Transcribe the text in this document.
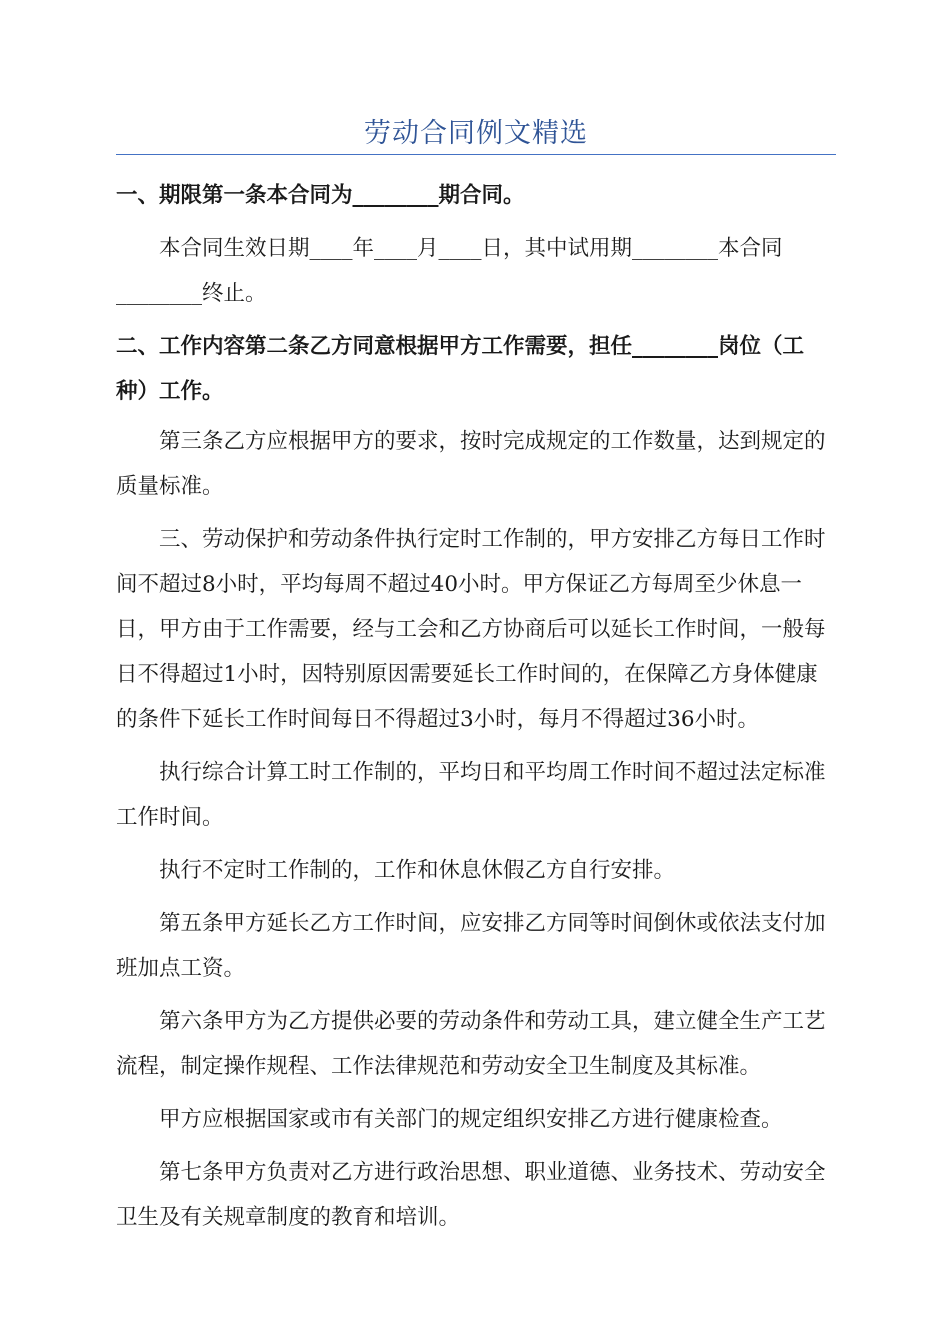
劳动合同例文精选

一、期限第一条本合同为________期合同。

本合同生效日期____年____月____日，其中试用期________本合同________终止。

二、工作内容第二条乙方同意根据甲方工作需要，担任________岗位（工种）工作。

第三条乙方应根据甲方的要求，按时完成规定的工作数量，达到规定的质量标准。

三、劳动保护和劳动条件执行定时工作制的，甲方安排乙方每日工作时间不超过8小时，平均每周不超过40小时。甲方保证乙方每周至少休息一日，甲方由于工作需要，经与工会和乙方协商后可以延长工作时间，一般每日不得超过1小时，因特别原因需要延长工作时间的，在保障乙方身体健康的条件下延长工作时间每日不得超过3小时，每月不得超过36小时。

执行综合计算工时工作制的，平均日和平均周工作时间不超过法定标准工作时间。

执行不定时工作制的，工作和休息休假乙方自行安排。

第五条甲方延长乙方工作时间，应安排乙方同等时间倒休或依法支付加班加点工资。

第六条甲方为乙方提供必要的劳动条件和劳动工具，建立健全生产工艺流程，制定操作规程、工作法律规范和劳动安全卫生制度及其标准。

甲方应根据国家或市有关部门的规定组织安排乙方进行健康检查。

第七条甲方负责对乙方进行政治思想、职业道德、业务技术、劳动安全卫生及有关规章制度的教育和培训。
